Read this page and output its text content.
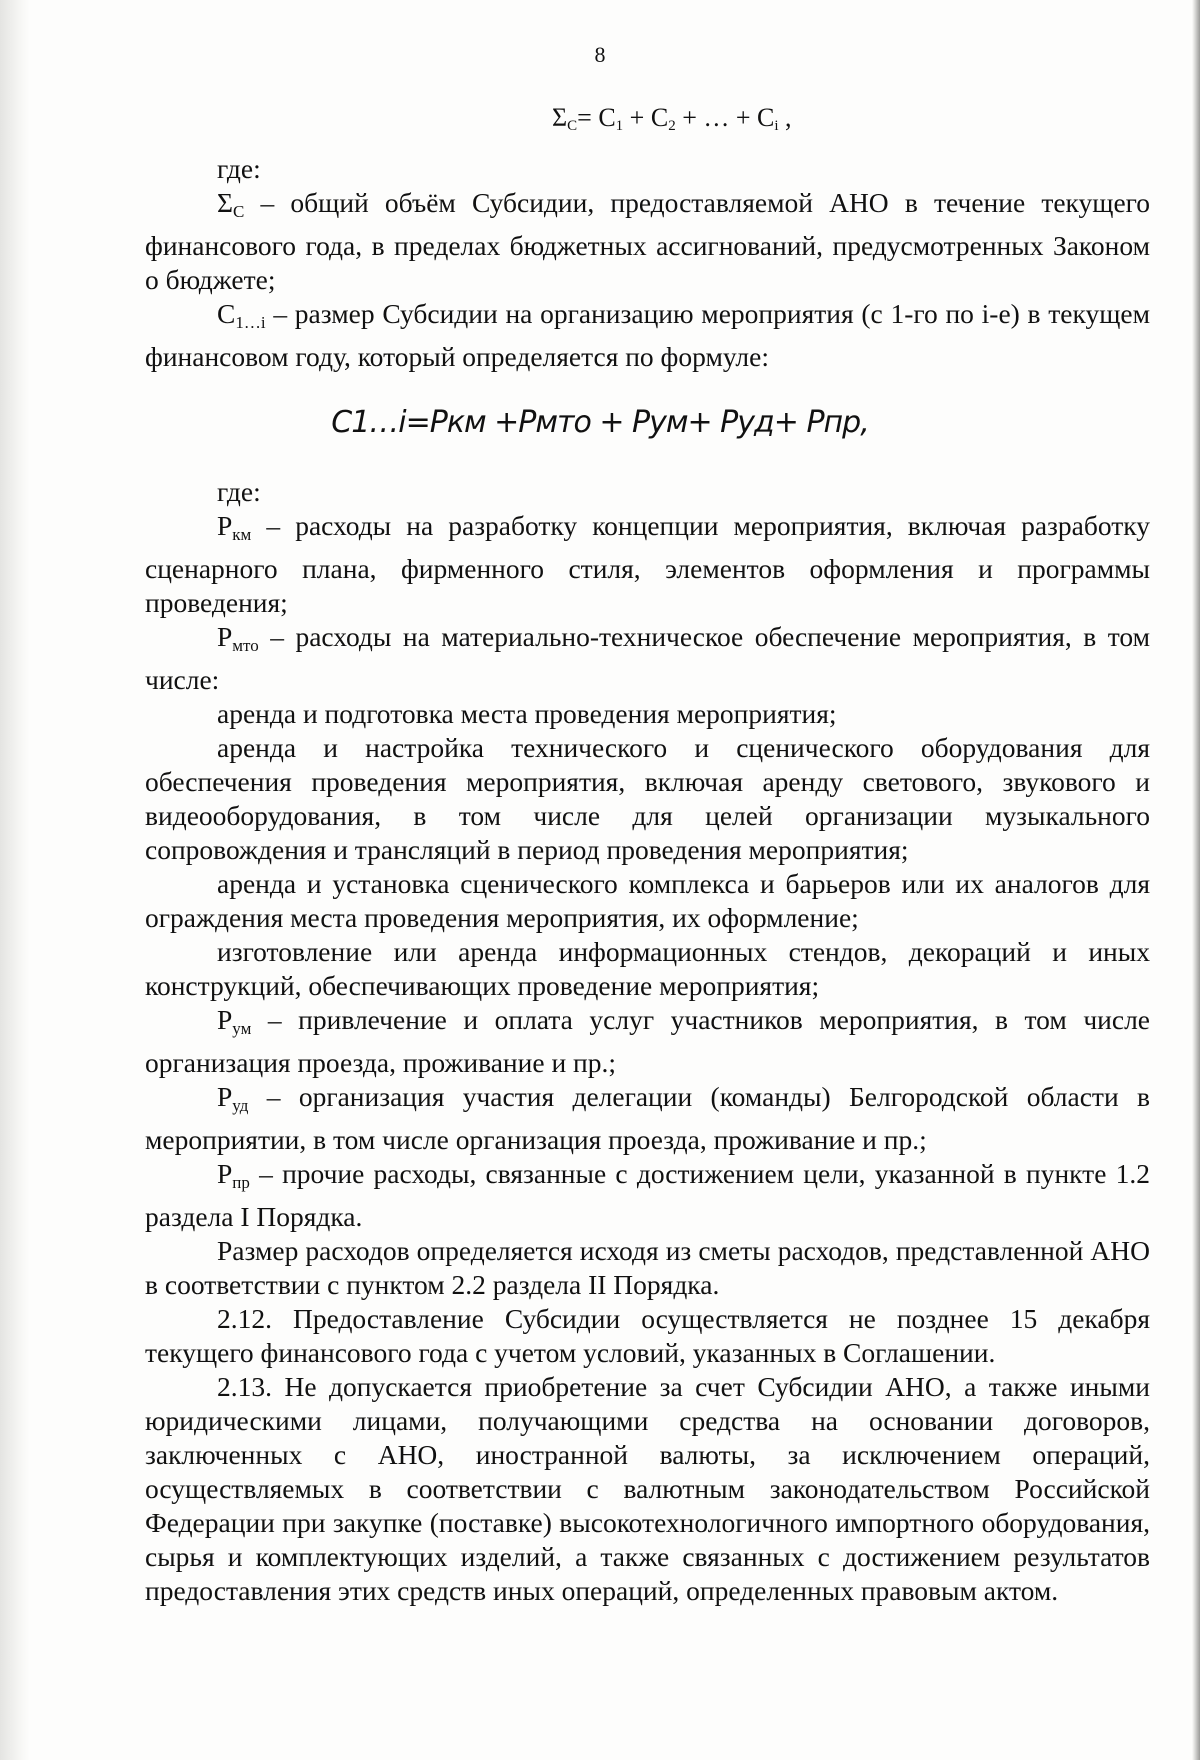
8
$\Sigma_C= C_1 + C_2$ + … + $C_i$ ,

где:

$\Sigma_С$ – общий объём Субсидии, предоставляемой АНО в течение текущего финансового года, в пределах бюджетных ассигнований, предусмотренных Законом о бюджете;

$С_{1\dots i}$ – размер Субсидии на организацию мероприятия (с 1-го по i-е) в текущем финансовом году, который определяется по формуле:

С1…i=Ркм +Рмто + Рум+ Руд+ Рпр,

где:

$Р_{км}$ – расходы на разработку концепции мероприятия, включая разработку сценарного плана, фирменного стиля, элементов оформления и программы проведения;

$Р_{мто}$ – расходы на материально-техническое обеспечение мероприятия, в том числе:

аренда и подготовка места проведения мероприятия;

аренда и настройка технического и сценического оборудования для обеспечения проведения мероприятия, включая аренду светового, звукового и видеооборудования, в том числе для целей организации музыкального сопровождения и трансляций в период проведения мероприятия;

аренда и установка сценического комплекса и барьеров или их аналогов для ограждения места проведения мероприятия, их оформление;

изготовление или аренда информационных стендов, декораций и иных конструкций, обеспечивающих проведение мероприятия;

$Р_{ум}$ – привлечение и оплата услуг участников мероприятия, в том числе организация проезда, проживание и пр.;

$Р_{уд}$ – организация участия делегации (команды) Белгородской области в мероприятии, в том числе организация проезда, проживание и пр.;

$Р_{пр}$ – прочие расходы, связанные с достижением цели, указанной в пункте 1.2 раздела I Порядка.

Размер расходов определяется исходя из сметы расходов, представленной АНО в соответствии с пунктом 2.2 раздела II Порядка.

2.12. Предоставление Субсидии осуществляется не позднее 15 декабря текущего финансового года с учетом условий, указанных в Соглашении.

2.13. Не допускается приобретение за счет Субсидии АНО, а также иными юридическими лицами, получающими средства на основании договоров, заключенных с АНО, иностранной валюты, за исключением операций, осуществляемых в соответствии с валютным законодательством Российской Федерации при закупке (поставке) высокотехнологичного импортного оборудования, сырья и комплектующих изделий, а также связанных с достижением результатов предоставления этих средств иных операций, определенных правовым актом.
